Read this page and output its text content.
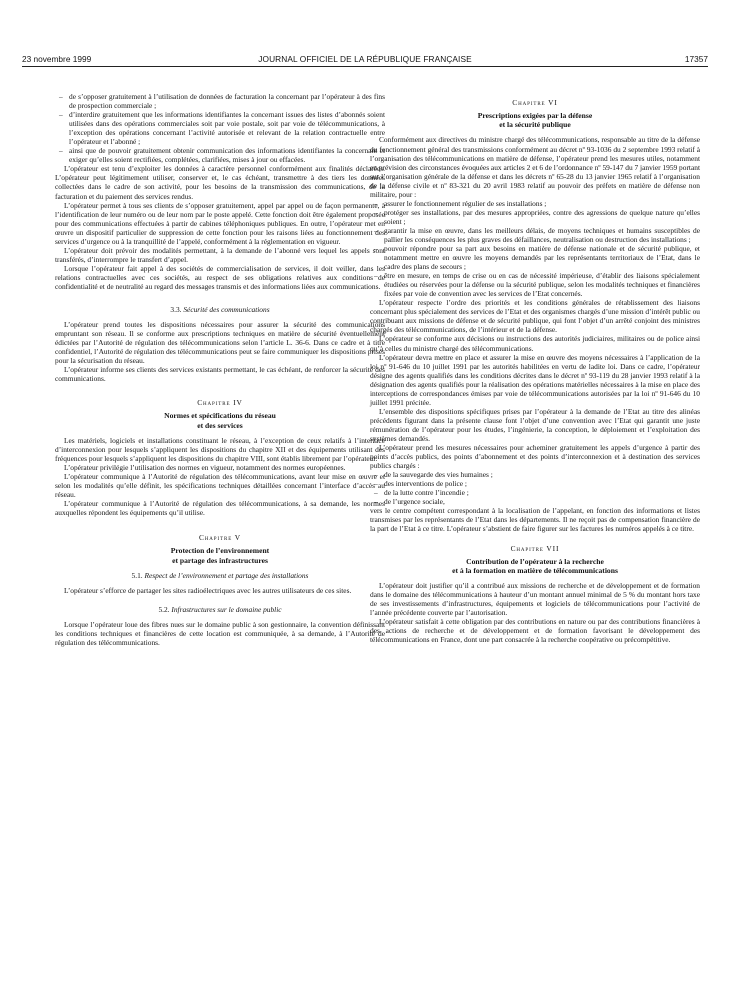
23 novembre 1999	JOURNAL OFFICIEL DE LA RÉPUBLIQUE FRANÇAISE	17357
– de s’opposer gratuitement à l’utilisation de données de facturation la concernant par l’opérateur à des fins de prospection commerciale ;
– d’interdire gratuitement que les informations identifiantes la concernant issues des listes d’abonnés soient utilisées dans des opérations commerciales soit par voie postale, soit par voie de télécommunications, à l’exception des opérations concernant l’activité autorisée et relevant de la relation contractuelle entre l’opérateur et l’abonné ;
– ainsi que de pouvoir gratuitement obtenir communication des informations identifiantes la concernant et exiger qu’elles soient rectifiées, complétées, clarifiées, mises à jour ou effacées.

L’opérateur est tenu d’exploiter les données à caractère personnel conformément aux finalités déclarées. L’opérateur peut légitimement utiliser, conserver et, le cas échéant, transmettre à des tiers les données collectées dans le cadre de son activité, pour les besoins de la transmission des communications, de la facturation et du paiement des services rendus.

L’opérateur permet à tous ses clients de s’opposer gratuitement, appel par appel ou de façon permanente, à l’identification de leur numéro ou de leur nom par le poste appelé. Cette fonction doit être également proposée pour des communications effectuées à partir de cabines téléphoniques publiques. En outre, l’opérateur met en œuvre un dispositif particulier de suppression de cette fonction pour les raisons liées au fonctionnement des services d’urgence ou à la tranquillité de l’appelé, conformément à la réglementation en vigueur.

L’opérateur doit prévoir des modalités permettant, à la demande de l’abonné vers lequel les appels sont transférés, d’interrompre le transfert d’appel.

Lorsque l’opérateur fait appel à des sociétés de commercialisation de services, il doit veiller, dans les relations contractuelles avec ces sociétés, au respect de ses obligations relatives aux conditions de confidentialité et de neutralité au regard des messages transmis et des informations liées aux communications.

3.3. Sécurité des communications

L’opérateur prend toutes les dispositions nécessaires pour assurer la sécurité des communications empruntant son réseau. Il se conforme aux prescriptions techniques en matière de sécurité éventuellement édictées par l’Autorité de régulation des télécommunications selon l’article L. 36-6. Dans ce cadre et à titre confidentiel, l’Autorité de régulation des télécommunications peut se faire communiquer les dispositions prises pour la sécurisation du réseau.

L’opérateur informe ses clients des services existants permettant, le cas échéant, de renforcer la sécurité des communications.

Chapitre IV
Normes et spécifications du réseau
et des services

Les matériels, logiciels et installations constituant le réseau, à l’exception de ceux relatifs à l’interface d’interconnexion pour lesquels s’appliquent les dispositions du chapitre XII et des équipements utilisant des fréquences pour lesquels s’appliquent les dispositions du chapitre VIII, sont établis librement par l’opérateur.

L’opérateur privilégie l’utilisation des normes en vigueur, notamment des normes européennes.

L’opérateur communique à l’Autorité de régulation des télécommunications, avant leur mise en œuvre et selon les modalités qu’elle définit, les spécifications techniques détaillées concernant l’interface d’accès au réseau.

L’opérateur communique à l’Autorité de régulation des télécommunications, à sa demande, les normes auxquelles répondent les équipements qu’il utilise.

Chapitre V
Protection de l’environnement
et partage des infrastructures
5.1. Respect de l’environnement et partage des installations

L’opérateur s’efforce de partager les sites radioélectriques avec les autres utilisateurs de ces sites.

5.2. Infrastructures sur le domaine public

Lorsque l’opérateur loue des fibres nues sur le domaine public à son gestionnaire, la convention définissant les conditions techniques et financières de cette location est communiquée, à sa demande, à l’Autorité de régulation des télécommunications.

Chapitre VI
Prescriptions exigées par la défense
et la sécurité publique

Conformément aux directives du ministre chargé des télécommunications, responsable au titre de la défense du fonctionnement général des transmissions conformément au décret nº 93-1036 du 2 septembre 1993 relatif à l’organisation des télécommunications en matière de défense, l’opérateur prend les mesures utiles, notamment en prévision des circonstances évoquées aux articles 2 et 6 de l’ordonnance nº 59-147 du 7 janvier 1959 portant sur l’organisation générale de la défense et dans les décrets nº 65-28 du 13 janvier 1965 relatif à l’organisation de la défense civile et nº 83-321 du 20 avril 1983 relatif au pouvoir des préfets en matière de défense non militaire, pour :

– assurer le fonctionnement régulier de ses installations ;
– protéger ses installations, par des mesures appropriées, contre des agressions de quelque nature qu’elles soient ;
– garantir la mise en œuvre, dans les meilleurs délais, de moyens techniques et humains susceptibles de pallier les conséquences les plus graves des défaillances, neutralisation ou destruction des installations ;
– pouvoir répondre pour sa part aux besoins en matière de défense nationale et de sécurité publique, et notamment mettre en œuvre les moyens demandés par les représentants territoriaux de l’Etat, dans le cadre des plans de secours ;
– être en mesure, en temps de crise ou en cas de nécessité impérieuse, d’établir des liaisons spécialement étudiées ou réservées pour la défense ou la sécurité publique, selon les modalités techniques et financières fixées par voie de convention avec les services de l’Etat concernés.

L’opérateur respecte l’ordre des priorités et les conditions générales de rétablissement des liaisons concernant plus spécialement des services de l’Etat et des organismes chargés d’une mission d’intérêt public ou contribuant aux missions de défense et de sécurité publique, qui font l’objet d’un arrêté conjoint des ministres chargés des télécommunications, de l’intérieur et de la défense.

L’opérateur se conforme aux décisions ou instructions des autorités judiciaires, militaires ou de police ainsi qu’à celles du ministre chargé des télécommunications.

L’opérateur devra mettre en place et assurer la mise en œuvre des moyens nécessaires à l’application de la loi nº 91-646 du 10 juillet 1991 par les autorités habilitées en vertu de ladite loi. Dans ce cadre, l’opérateur désigne des agents qualifiés dans les conditions décrites dans le décret nº 93-119 du 28 janvier 1993 relatif à la désignation des agents qualifiés pour la réalisation des opérations matérielles nécessaires à la mise en place des interceptions de correspondances émises par voie de télécommunications autorisées par la loi nº 91-646 du 10 juillet 1991 précitée.

L’ensemble des dispositions spécifiques prises par l’opérateur à la demande de l’Etat au titre des alinéas précédents figurant dans la présente clause font l’objet d’une convention avec l’Etat qui garantit une juste rémunération de l’opérateur pour les études, l’ingénierie, la conception, le déploiement et l’exploitation des systèmes demandés.

L’opérateur prend les mesures nécessaires pour acheminer gratuitement les appels d’urgence à partir des points d’accès publics, des points d’abonnement et des points d’interconnexion et à destination des services publics chargés :

– de la sauvegarde des vies humaines ;
– des interventions de police ;
– de la lutte contre l’incendie ;
– de l’urgence sociale,

vers le centre compétent correspondant à la localisation de l’appelant, en fonction des informations et listes transmises par les représentants de l’Etat dans les départements. Il ne reçoit pas de compensation financière de la part de l’Etat à ce titre. L’opérateur s’abstient de faire figurer sur les factures les numéros appelés à ce titre.

Chapitre VII
Contribution de l’opérateur à la recherche
et à la formation en matière de télécommunications

L’opérateur doit justifier qu’il a contribué aux missions de recherche et de développement et de formation dans le domaine des télécommunications à hauteur d’un montant annuel minimal de 5 % du montant hors taxe de ses investissements d’infrastructures, équipements et logiciels de télécommunications pour l’activité de l’année précédente couverte par l’autorisation.

L’opérateur satisfait à cette obligation par des contributions en nature ou par des contributions financières à des actions de recherche et de développement et de formation favorisant le développement des télécommunications en France, dont une part consacrée à la recherche coopérative ou précompétitive.
